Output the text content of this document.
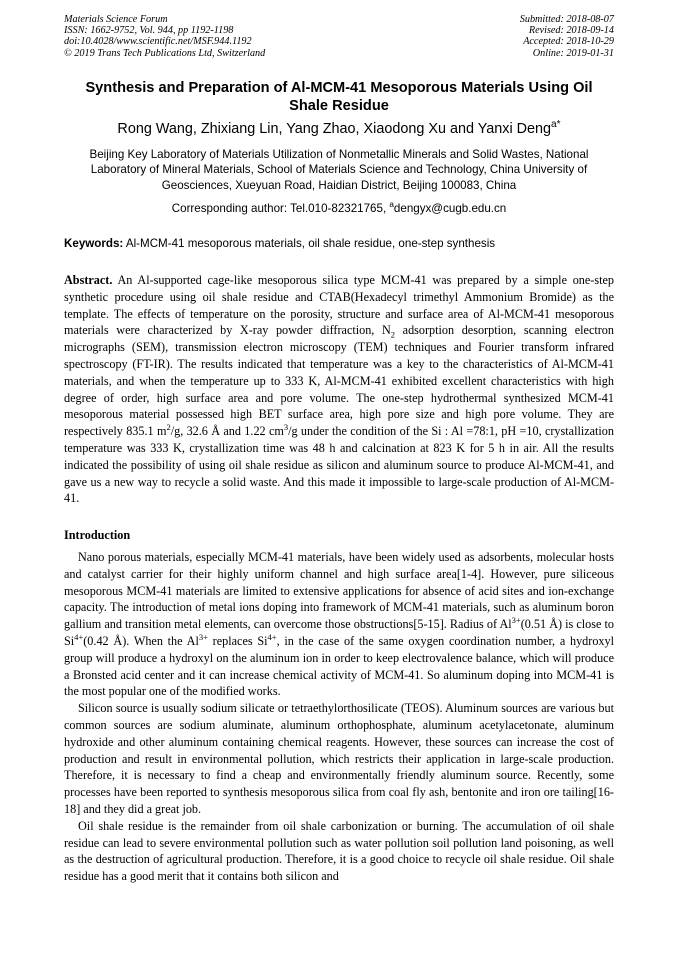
Materials Science Forum
ISSN: 1662-9752, Vol. 944, pp 1192-1198
doi:10.4028/www.scientific.net/MSF.944.1192
© 2019 Trans Tech Publications Ltd, Switzerland
Submitted: 2018-08-07
Revised: 2018-09-14
Accepted: 2018-10-29
Online: 2019-01-31
Synthesis and Preparation of Al-MCM-41 Mesoporous Materials Using Oil Shale Residue
Rong Wang, Zhixiang Lin, Yang Zhao, Xiaodong Xu and Yanxi Deng$^{a*}$
Beijing Key Laboratory of Materials Utilization of Nonmetallic Minerals and Solid Wastes, National Laboratory of Mineral Materials, School of Materials Science and Technology, China University of Geosciences, Xueyuan Road, Haidian District, Beijing 100083, China
Corresponding author: Tel.010-82321765, $^a$dengyx@cugb.edu.cn
Keywords: Al-MCM-41 mesoporous materials, oil shale residue, one-step synthesis

Abstract. An Al-supported cage-like mesoporous silica type MCM-41 was prepared by a simple one-step synthetic procedure using oil shale residue and CTAB(Hexadecyl trimethyl Ammonium Bromide) as the template. The effects of temperature on the porosity, structure and surface area of Al-MCM-41 mesoporous materials were characterized by X-ray powder diffraction, $N_2$ adsorption desorption, scanning electron micrographs (SEM), transmission electron microscopy (TEM) techniques and Fourier transform infrared spectroscopy (FT-IR). The results indicated that temperature was a key to the characteristics of Al-MCM-41 materials, and when the temperature up to 333 K, Al-MCM-41 exhibited excellent characteristics with high degree of order, high surface area and pore volume. The one-step hydrothermal synthesized MCM-41 mesoporous material possessed high BET surface area, high pore size and high pore volume. They are respectively 835.1 $m^2/g$, 32.6 Å and 1.22 $cm^3/g$ under the condition of the Si : Al =78:1, pH =10, crystallization temperature was 333 K, crystallization time was 48 h and calcination at 823 K for 5 h in air. All the results indicated the possibility of using oil shale residue as silicon and aluminum source to produce Al-MCM-41, and gave us a new way to recycle a solid waste. And this made it impossible to large-scale production of Al-MCM-41.

Introduction

Nano porous materials, especially MCM-41 materials, have been widely used as adsorbents, molecular hosts and catalyst carrier for their highly uniform channel and high surface area[1-4]. However, pure siliceous mesoporous MCM-41 materials are limited to extensive applications for absence of acid sites and ion-exchange capacity. The introduction of metal ions doping into framework of MCM-41 materials, such as aluminum boron gallium and transition metal elements, can overcome those obstructions[5-15]. Radius of $Al^{3+}(0.51$ Å) is close to $Si^{4+}(0.42$ Å). When the $Al^{3+}$ replaces $Si^{4+}$, in the case of the same oxygen coordination number, a hydroxyl group will produce a hydroxyl on the aluminum ion in order to keep electrovalence balance, which will produce a Bronsted acid center and it can increase chemical activity of MCM-41. So aluminum doping into MCM-41 is the most popular one of the modified works.

Silicon source is usually sodium silicate or tetraethylorthosilicate (TEOS). Aluminum sources are various but common sources are sodium aluminate, aluminum orthophosphate, aluminum acetylacetonate, aluminum hydroxide and other aluminum containing chemical reagents. However, these sources can increase the cost of production and result in environmental pollution, which restricts their application in large-scale production. Therefore, it is necessary to find a cheap and environmentally friendly aluminum source. Recently, some processes have been reported to synthesis mesoporous silica from coal fly ash, bentonite and iron ore tailing[16-18] and they did a great job.

Oil shale residue is the remainder from oil shale carbonization or burning. The accumulation of oil shale residue can lead to severe environmental pollution such as water pollution soil pollution land poisoning, as well as the destruction of agricultural production. Therefore, it is a good choice to recycle oil shale residue. Oil shale residue has a good merit that it contains both silicon and
